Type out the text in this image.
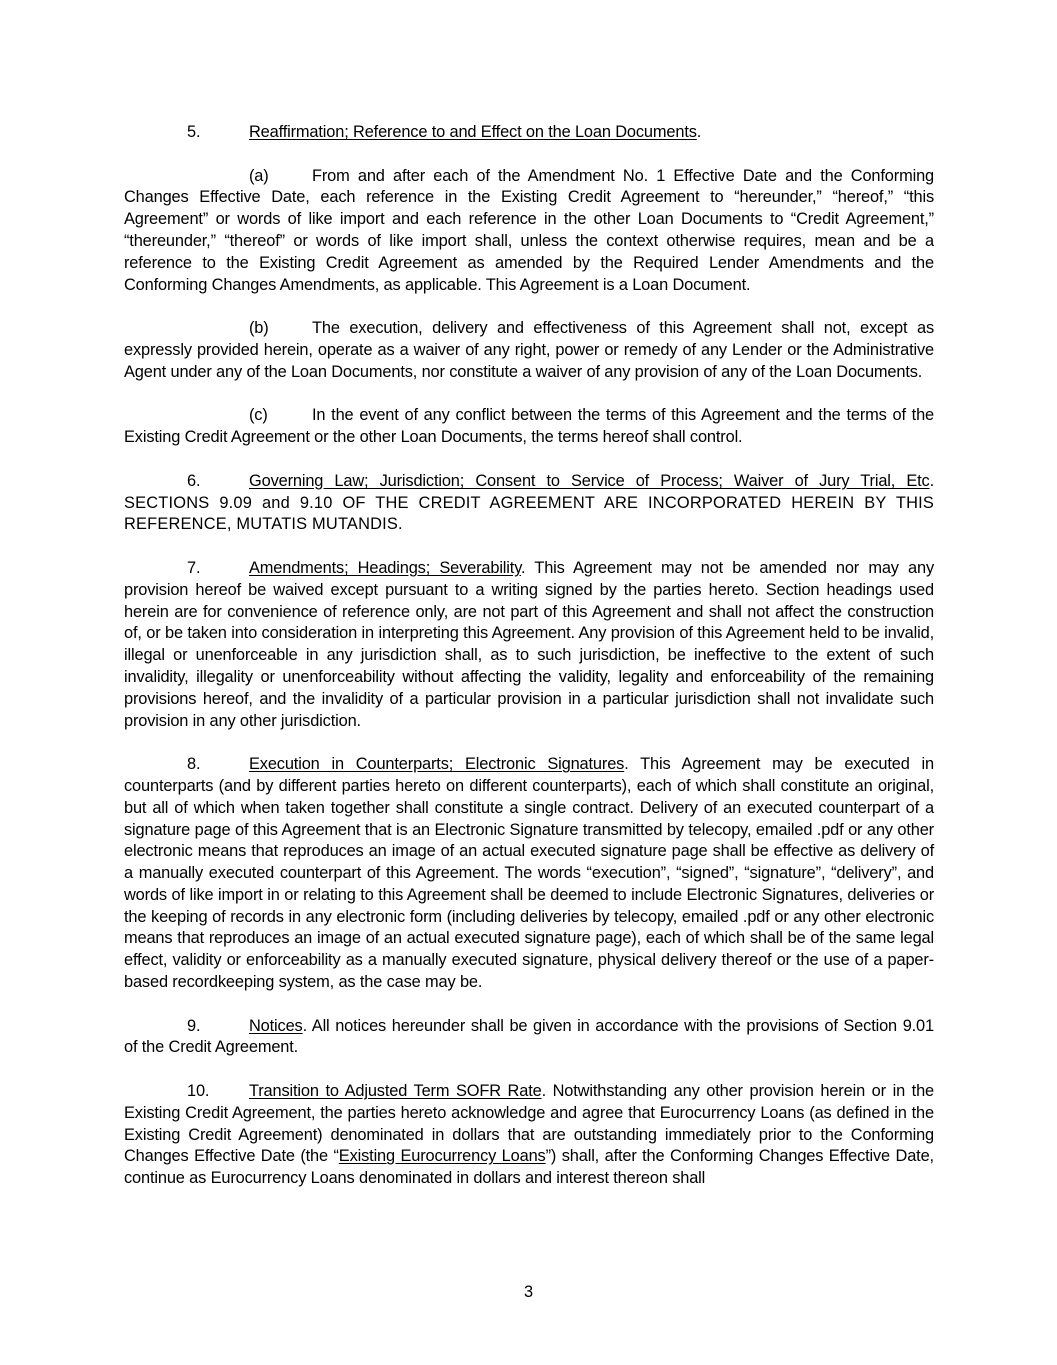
5.	Reaffirmation; Reference to and Effect on the Loan Documents.

(a)	From and after each of the Amendment No. 1 Effective Date and the Conforming Changes Effective Date, each reference in the Existing Credit Agreement to “hereunder,” “hereof,” “this Agreement” or words of like import and each reference in the other Loan Documents to “Credit Agreement,” “thereunder,” “thereof” or words of like import shall, unless the context otherwise requires, mean and be a reference to the Existing Credit Agreement as amended by the Required Lender Amendments and the Conforming Changes Amendments, as applicable. This Agreement is a Loan Document.

(b)	The execution, delivery and effectiveness of this Agreement shall not, except as expressly provided herein, operate as a waiver of any right, power or remedy of any Lender or the Administrative Agent under any of the Loan Documents, nor constitute a waiver of any provision of any of the Loan Documents.

(c)	In the event of any conflict between the terms of this Agreement and the terms of the Existing Credit Agreement or the other Loan Documents, the terms hereof shall control.

6.	Governing Law; Jurisdiction; Consent to Service of Process; Waiver of Jury Trial, Etc. SECTIONS 9.09 and 9.10 OF THE CREDIT AGREEMENT ARE INCORPORATED HEREIN BY THIS REFERENCE, MUTATIS MUTANDIS.

7.	Amendments; Headings; Severability. This Agreement may not be amended nor may any provision hereof be waived except pursuant to a writing signed by the parties hereto. Section headings used herein are for convenience of reference only, are not part of this Agreement and shall not affect the construction of, or be taken into consideration in interpreting this Agreement. Any provision of this Agreement held to be invalid, illegal or unenforceable in any jurisdiction shall, as to such jurisdiction, be ineffective to the extent of such invalidity, illegality or unenforceability without affecting the validity, legality and enforceability of the remaining provisions hereof, and the invalidity of a particular provision in a particular jurisdiction shall not invalidate such provision in any other jurisdiction.

8.	Execution in Counterparts; Electronic Signatures. This Agreement may be executed in counterparts (and by different parties hereto on different counterparts), each of which shall constitute an original, but all of which when taken together shall constitute a single contract. Delivery of an executed counterpart of a signature page of this Agreement that is an Electronic Signature transmitted by telecopy, emailed .pdf or any other electronic means that reproduces an image of an actual executed signature page shall be effective as delivery of a manually executed counterpart of this Agreement. The words “execution”, “signed”, “signature”, “delivery”, and words of like import in or relating to this Agreement shall be deemed to include Electronic Signatures, deliveries or the keeping of records in any electronic form (including deliveries by telecopy, emailed .pdf or any other electronic means that reproduces an image of an actual executed signature page), each of which shall be of the same legal effect, validity or enforceability as a manually executed signature, physical delivery thereof or the use of a paper-based recordkeeping system, as the case may be.

9.	Notices. All notices hereunder shall be given in accordance with the provisions of Section 9.01 of the Credit Agreement.

10. Transition to Adjusted Term SOFR Rate. Notwithstanding any other provision herein or in the Existing Credit Agreement, the parties hereto acknowledge and agree that Eurocurrency Loans (as defined in the Existing Credit Agreement) denominated in dollars that are outstanding immediately prior to the Conforming Changes Effective Date (the “Existing Eurocurrency Loans”) shall, after the Conforming Changes Effective Date, continue as Eurocurrency Loans denominated in dollars and interest thereon shall

3
